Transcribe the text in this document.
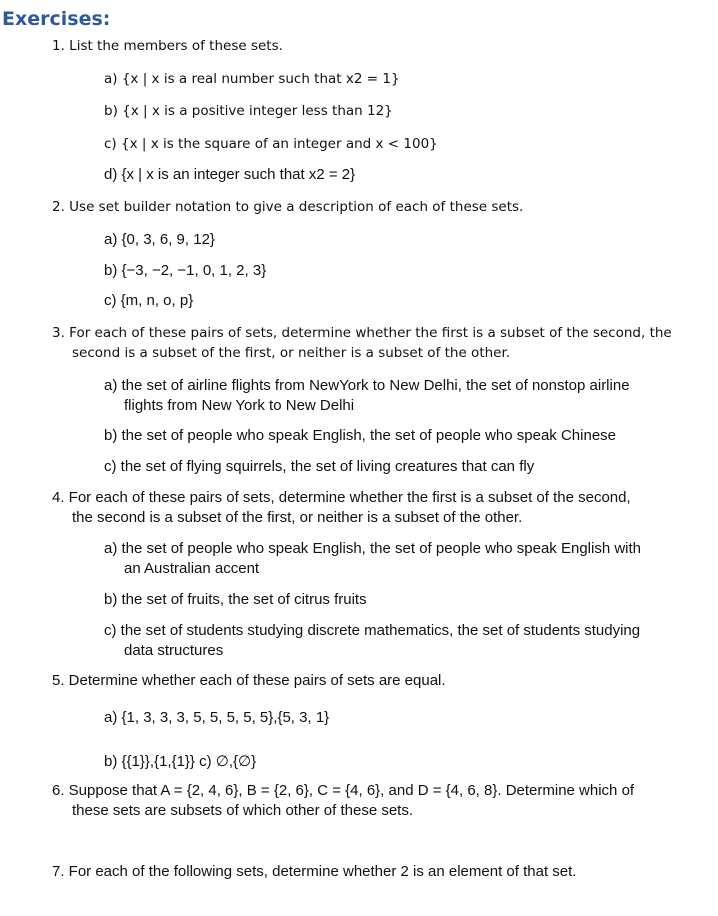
Exercises:
1. List the members of these sets.
a) {x | x is a real number such that x2 = 1}
b) {x | x is a positive integer less than 12}
c) {x | x is the square of an integer and x < 100}
d) {x | x is an integer such that x2 = 2}
2. Use set builder notation to give a description of each of these sets.
a) {0, 3, 6, 9, 12}
b) {−3, −2, −1, 0, 1, 2, 3}
c) {m, n, o, p}
3. For each of these pairs of sets, determine whether the first is a subset of the second, the
second is a subset of the first, or neither is a subset of the other.
a) the set of airline flights from NewYork to New Delhi, the set of nonstop airline
flights from New York to New Delhi
b) the set of people who speak English, the set of people who speak Chinese
c) the set of flying squirrels, the set of living creatures that can fly
4. For each of these pairs of sets, determine whether the first is a subset of the second,
the second is a subset of the first, or neither is a subset of the other.
a) the set of people who speak English, the set of people who speak English with
an Australian accent
b) the set of fruits, the set of citrus fruits
c) the set of students studying discrete mathematics, the set of students studying
data structures
5. Determine whether each of these pairs of sets are equal.
a) {1, 3, 3, 3, 5, 5, 5, 5, 5},{5, 3, 1}
b) {{1}},{1,{1}} c) ∅,{∅}
6. Suppose that A = {2, 4, 6}, B = {2, 6}, C = {4, 6}, and D = {4, 6, 8}. Determine which of
these sets are subsets of which other of these sets.
7. For each of the following sets, determine whether 2 is an element of that set.
